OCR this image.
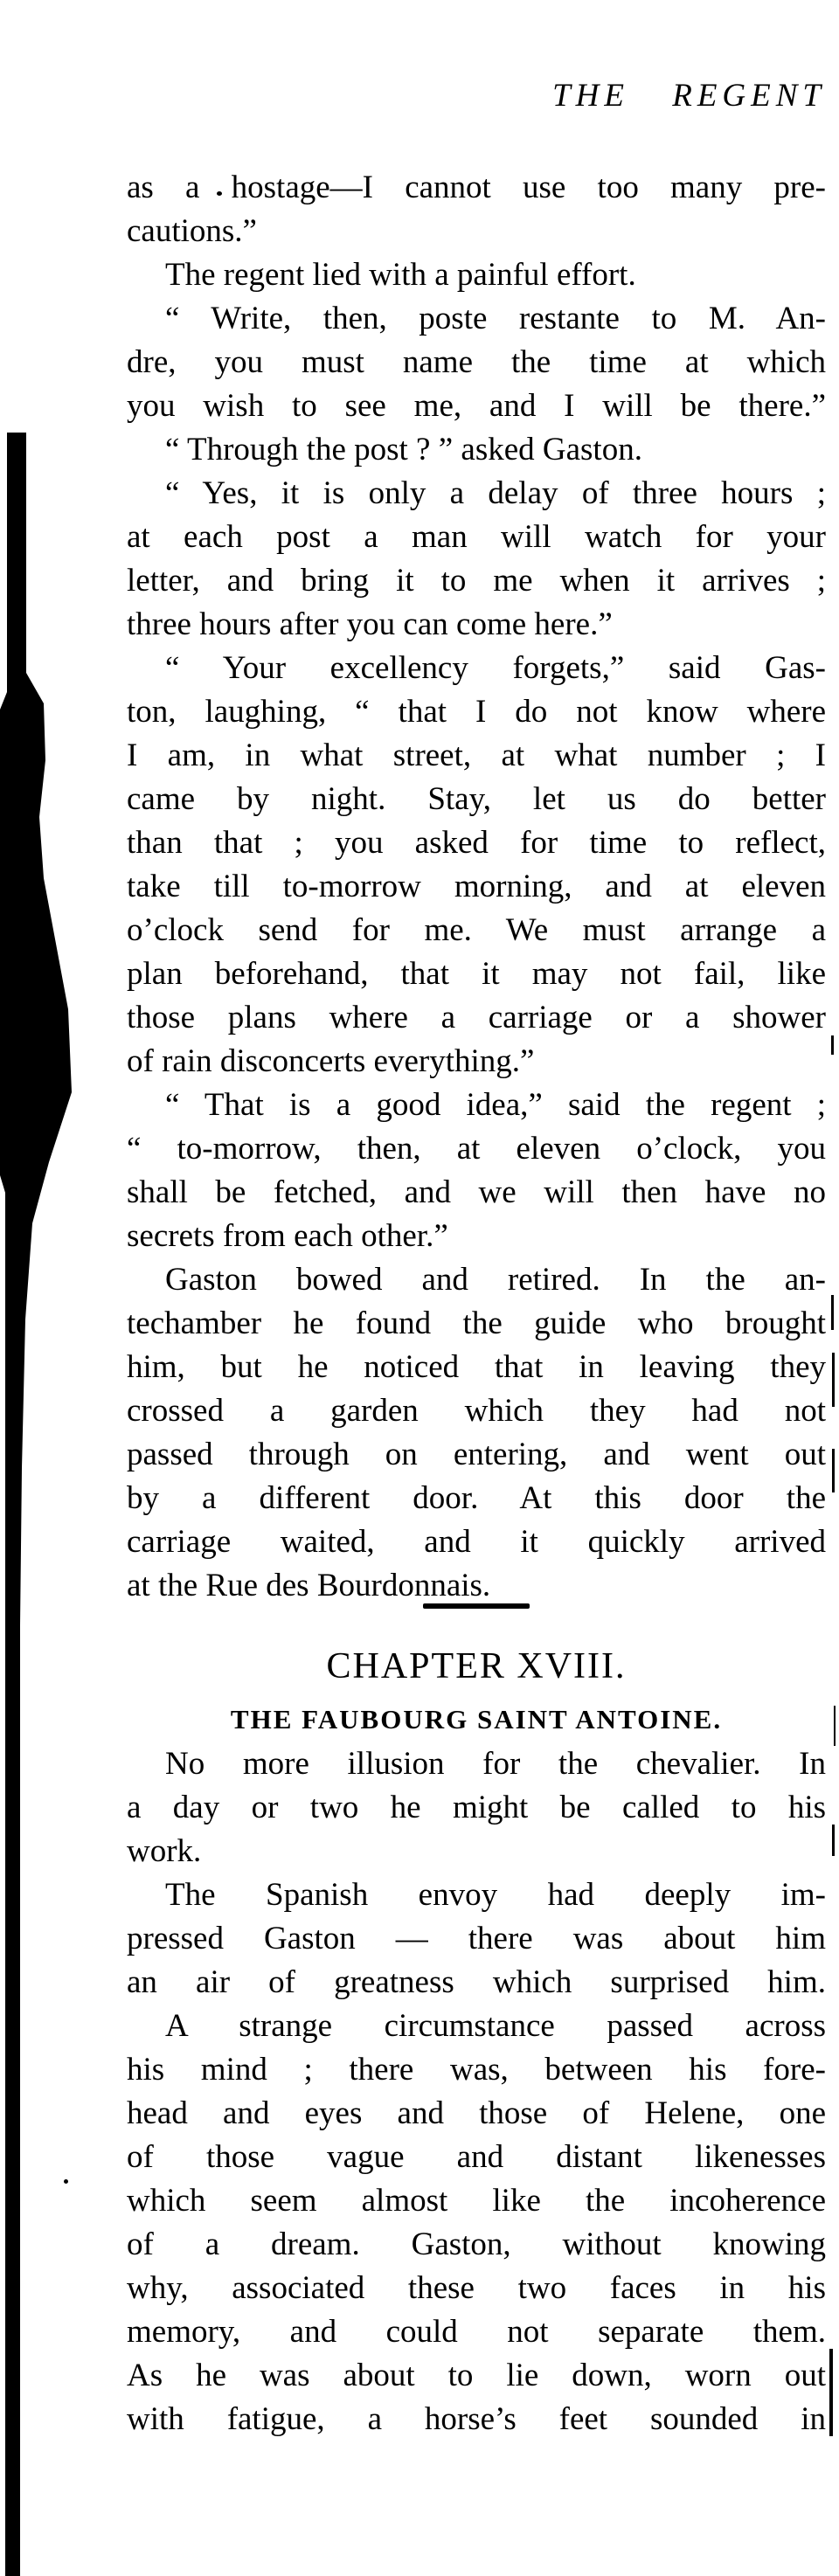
THE REGENT
as a hostage—I cannot use too many pre-
cautions.”
The regent lied with a painful effort.
“ Write, then, poste restante to M. An-
dre, you must name the time at which
you wish to see me, and I will be there.”
“ Through the post ? ” asked Gaston.
“ Yes, it is only a delay of three hours ;
at each post a man will watch for your
letter, and bring it to me when it arrives ;
three hours after you can come here.”
“ Your excellency forgets,” said Gas-
ton, laughing, “ that I do not know where
I am, in what street, at what number ; I
came by night. Stay, let us do better
than that ; you asked for time to reflect,
take till to-morrow morning, and at eleven
o’clock send for me. We must arrange a
plan beforehand, that it may not fail, like
those plans where a carriage or a shower
of rain disconcerts everything.”
“ That is a good idea,” said the regent ;
“ to-morrow, then, at eleven o’clock, you
shall be fetched, and we will then have no
secrets from each other.”
Gaston bowed and retired. In the an-
techamber he found the guide who brought
him, but he noticed that in leaving they
crossed a garden which they had not
passed through on entering, and went out
by a different door. At this door the
carriage waited, and it quickly arrived
at the Rue des Bourdonnais.
CHAPTER XVIII.
THE FAUBOURG SAINT ANTOINE.
No more illusion for the chevalier. In
a day or two he might be called to his
work.
The Spanish envoy had deeply im-
pressed Gaston — there was about him
an air of greatness which surprised him.
A strange circumstance passed across
his mind ; there was, between his fore-
head and eyes and those of Helene, one
of those vague and distant likenesses
which seem almost like the incoherence
of a dream. Gaston, without knowing
why, associated these two faces in his
memory, and could not separate them.
As he was about to lie down, worn out
with fatigue, a horse’s feet sounded in
